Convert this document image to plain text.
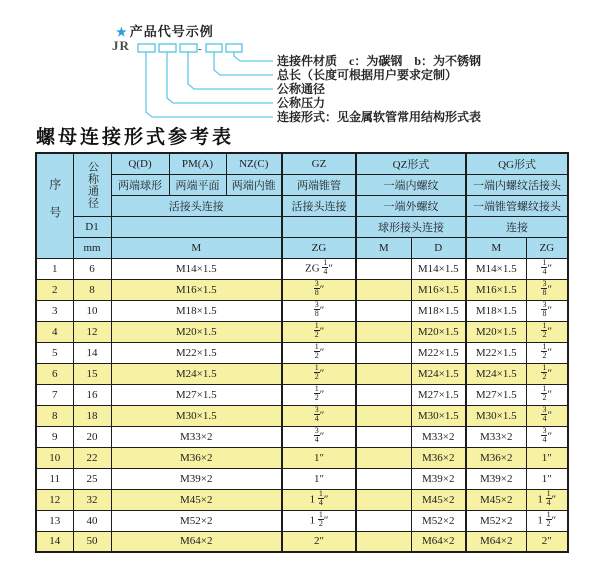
★ 产品代号示例
JR	-
连接件材质　c：为碳钢　b：为不锈钢
总长（长度可根据用户要求定制）
公称通径
公称压力
连接形式：见金属软管常用结构形式表
螺母连接形式参考表
序号	公称通径	Q(D)	PM(A)	NZ(C)	GZ	QZ形式		QG形式	
		两端球形	两端平面	两端内锥	两端锥管	一端内螺纹		一端内螺纹活接头	
		活接头连接			活接头连接	一端外螺纹		一端锥管螺纹接头	
	D1					球形接头连接		连接	
	mm	M			ZG	M	D	M	ZG
1	6	M14×1.5			ZG $\frac{1}{4}$ ″		M14×1.5	M14×1.5	$\frac{1}{4}$ ″
2	8	M16×1.5			$\frac{3}{8}$ ″		M16×1.5	M16×1.5	$\frac{3}{8}$ ″
3	10	M18×1.5			$\frac{3}{8}$ ″		M18×1.5	M18×1.5	$\frac{3}{8}$ ″
4	12	M20×1.5			$\frac{1}{2}$ ″		M20×1.5	M20×1.5	$\frac{1}{2}$ ″
5	14	M22×1.5			$\frac{1}{2}$ ″		M22×1.5	M22×1.5	$\frac{1}{2}$ ″
6	15	M24×1.5			$\frac{1}{2}$ ″		M24×1.5	M24×1.5	$\frac{1}{2}$ ″
7	16	M27×1.5			$\frac{1}{2}$ ″		M27×1.5	M27×1.5	$\frac{1}{2}$ ″
8	18	M30×1.5			$\frac{3}{4}$ ″		M30×1.5	M30×1.5	$\frac{3}{4}$ ″
9	20	M33×2			$\frac{3}{4}$ ″		M33×2	M33×2	$\frac{3}{4}$ ″
10	22	M36×2			1″		M36×2	M36×2	1″
11	25	M39×2			1″		M39×2	M39×2	1″
12	32	M45×2			$1 \frac{1}{4}$ ″		M45×2	M45×2	$1 \frac{1}{4}$ ″
13	40	M52×2			$1 \frac{1}{2}$ ″		M52×2	M52×2	$1 \frac{1}{2}$ ″
14	50	M64×2			2″		M64×2	M64×2	2″
